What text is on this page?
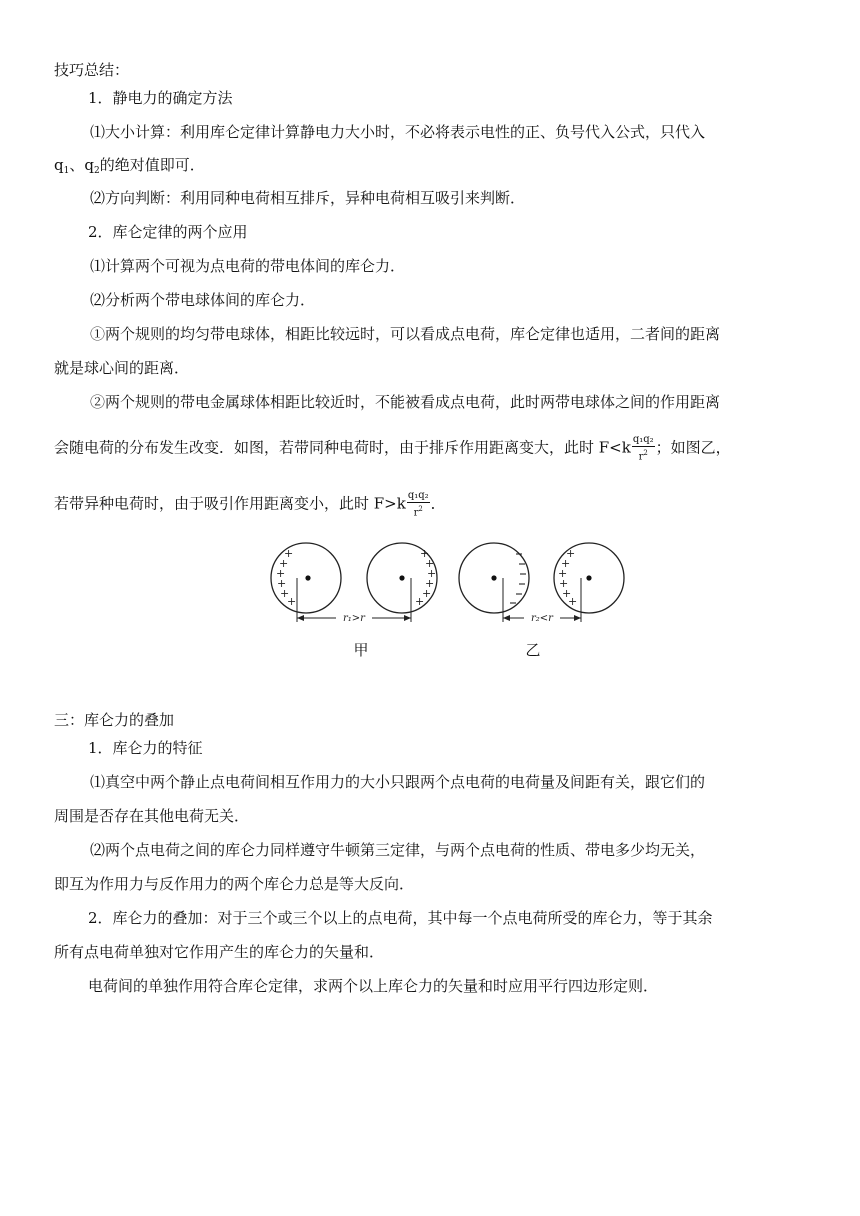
技巧总结：
1．静电力的确定方法
⑴大小计算：利用库仑定律计算静电力大小时，不必将表示电性的正、负号代入公式，只代入
$q_1$、$q_2$的绝对值即可．
⑵方向判断：利用同种电荷相互排斥，异种电荷相互吸引来判断．
2．库仑定律的两个应用
⑴计算两个可视为点电荷的带电体间的库仑力．
⑵分析两个带电球体间的库仑力．
①两个规则的均匀带电球体，相距比较远时，可以看成点电荷，库仑定律也适用，二者间的距离
就是球心间的距离．
②两个规则的带电金属球体相距比较近时，不能被看成点电荷，此时两带电球体之间的作用距离
会随电荷的分布发生改变．如图，若带同种电荷时，由于排斥作用距离变大，此时 $F<k \frac{\text{q₁q₂}}{r^2}$ ；如图乙，
若带异种电荷时，由于吸引作用距离变小，此时 $F>k \frac{\text{q₁q₂}}{r^2}$ ．
+
+
+
+
+
+
+
+
+
+
+
+
r₁>r
+
+
+
+
+
+
r₂<r
甲	乙
三：库仑力的叠加
1．库仑力的特征
⑴真空中两个静止点电荷间相互作用力的大小只跟两个点电荷的电荷量及间距有关，跟它们的
周围是否存在其他电荷无关．
⑵两个点电荷之间的库仑力同样遵守牛顿第三定律，与两个点电荷的性质、带电多少均无关，
即互为作用力与反作用力的两个库仑力总是等大反向．
2．库仑力的叠加：对于三个或三个以上的点电荷，其中每一个点电荷所受的库仑力，等于其余
所有点电荷单独对它作用产生的库仑力的矢量和．
电荷间的单独作用符合库仑定律，求两个以上库仑力的矢量和时应用平行四边形定则．
